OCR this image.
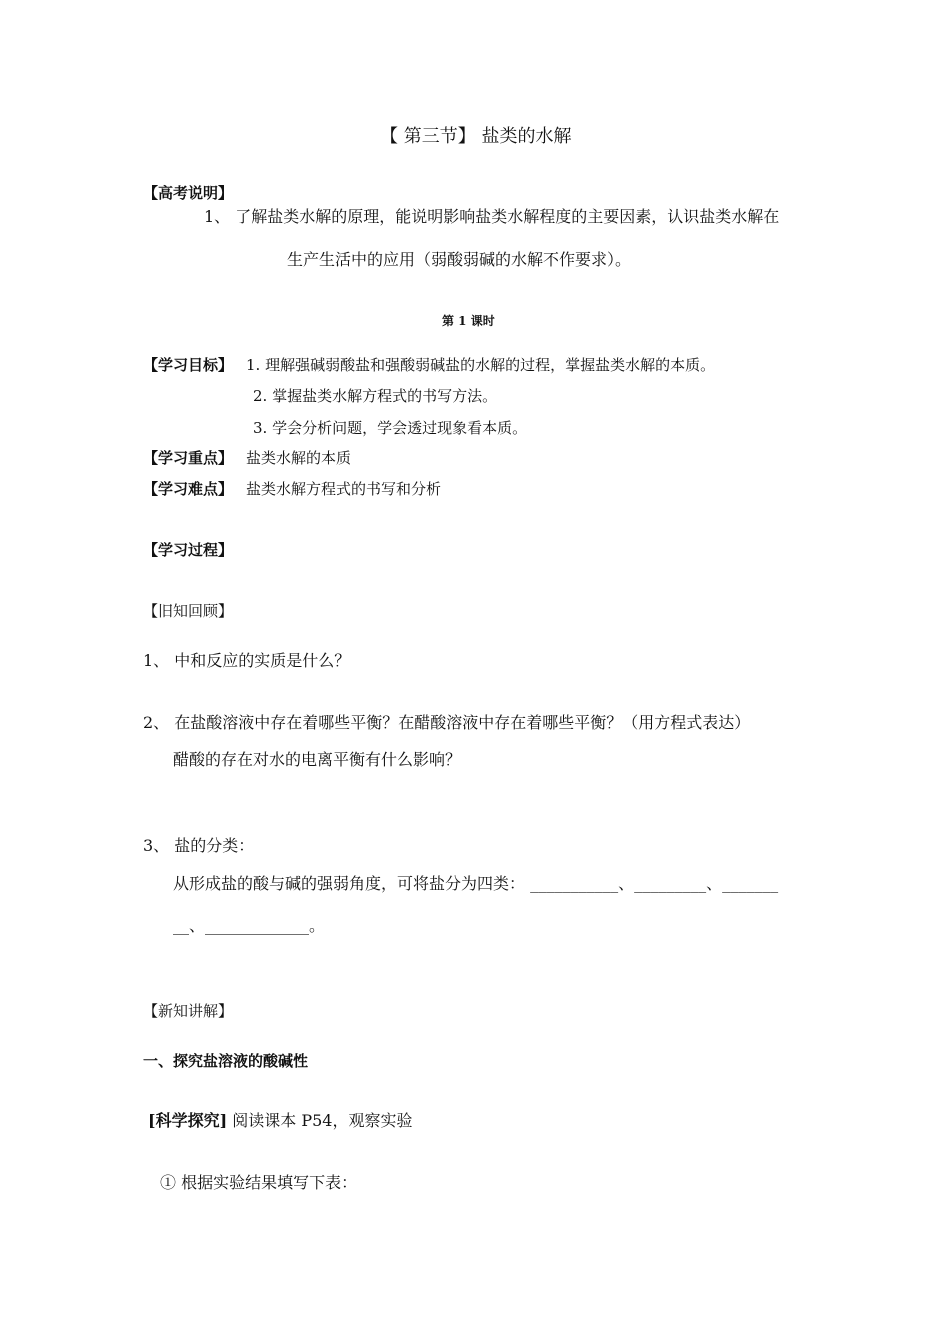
【 第三节】 盐类的水解
【高考说明】
1、 了解盐类水解的原理，能说明影响盐类水解程度的主要因素，认识盐类水解在
生产生活中的应用（弱酸弱碱的水解不作要求）。
第 1 课时
【学习目标】 1. 理解强碱弱酸盐和强酸弱碱盐的水解的过程，掌握盐类水解的本质。
2. 掌握盐类水解方程式的书写方法。
3. 学会分析问题，学会透过现象看本质。
【学习重点】 盐类水解的本质
【学习难点】 盐类水解方程式的书写和分析
【学习过程】
【旧知回顾】
1、 中和反应的实质是什么？
2、 在盐酸溶液中存在着哪些平衡？在醋酸溶液中存在着哪些平衡？（用方程式表达）
醋酸的存在对水的电离平衡有什么影响？
3、 盐的分类：
从形成盐的酸与碱的强弱角度，可将盐分为四类： ___________、_________、_______
__、_____________。
【新知讲解】
一、探究盐溶液的酸碱性
[科学探究] 阅读课本 P54，观察实验
① 根据实验结果填写下表：
